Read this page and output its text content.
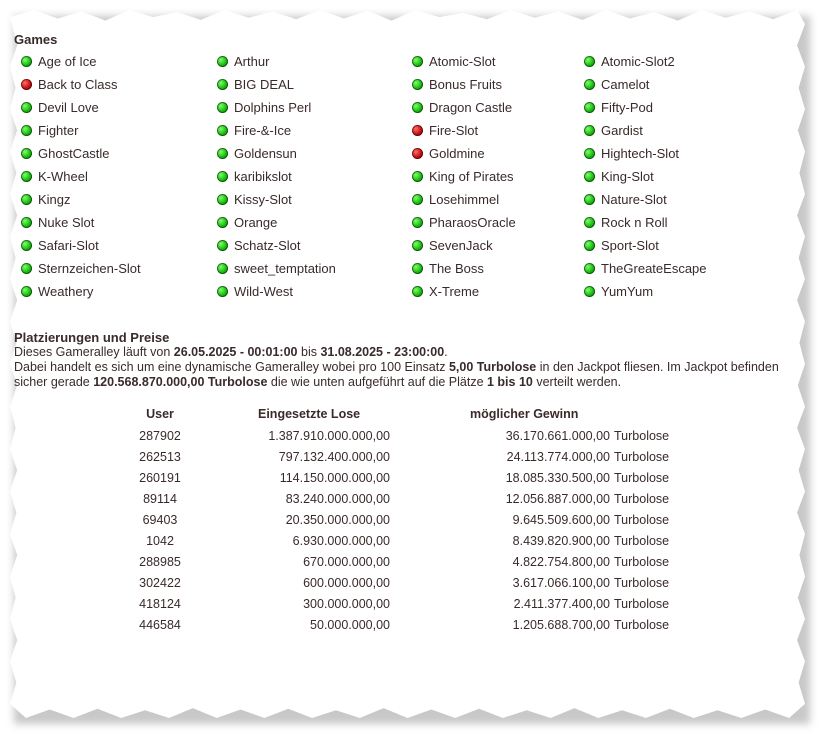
Games
Age of Ice	Arthur	Atomic-Slot	Atomic-Slot2
Back to Class	BIG DEAL	Bonus Fruits	Camelot
Devil Love	Dolphins Perl	Dragon Castle	Fifty-Pod
Fighter	Fire-&-Ice	Fire-Slot	Gardist
GhostCastle	Goldensun	Goldmine	Hightech-Slot
K-Wheel	karibikslot	King of Pirates	King-Slot
Kingz	Kissy-Slot	Losehimmel	Nature-Slot
Nuke Slot	Orange	PharaosOracle	Rock n Roll
Safari-Slot	Schatz-Slot	SevenJack	Sport-Slot
Sternzeichen-Slot	sweet_temptation	The Boss	TheGreateEscape
Weathery	Wild-West	X-Treme	YumYum
Platzierungen und Preise
Dieses Gameralley läuft von 26.05.2025 - 00:01:00 bis 31.08.2025 - 23:00:00.
Dabei handelt es sich um eine dynamische Gameralley wobei pro 100 Einsatz 5,00 Turbolose in den Jackpot fliesen. Im Jackpot befinden sicher gerade 120.568.870.000,00 Turbolose die wie unten aufgeführt auf die Plätze 1 bis 10 verteilt werden.
User	Eingesetzte Lose	möglicher Gewinn
287902	1.387.910.000.000,00	36.170.661.000,00 Turbolose
262513	797.132.400.000,00	24.113.774.000,00 Turbolose
260191	114.150.000.000,00	18.085.330.500,00 Turbolose
89114	83.240.000.000,00	12.056.887.000,00 Turbolose
69403	20.350.000.000,00	9.645.509.600,00 Turbolose
1042	6.930.000.000,00	8.439.820.900,00 Turbolose
288985	670.000.000,00	4.822.754.800,00 Turbolose
302422	600.000.000,00	3.617.066.100,00 Turbolose
418124	300.000.000,00	2.411.377.400,00 Turbolose
446584	50.000.000,00	1.205.688.700,00 Turbolose
